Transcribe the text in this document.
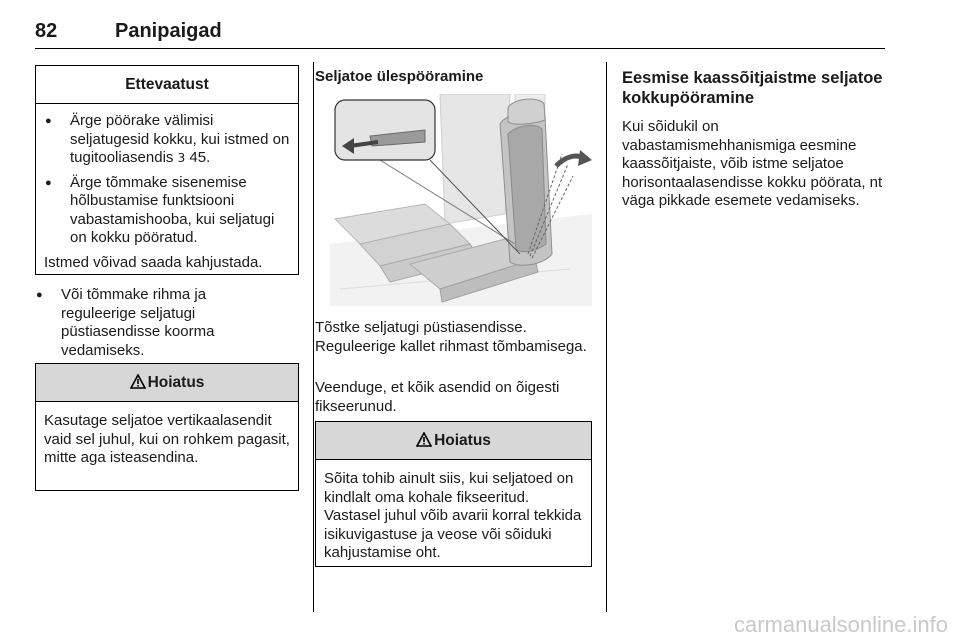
82	Panipaigad
Ettevaatust
● Ärge pöörake välimisi seljatugesid kokku, kui istmed on tugitooliasendis 3 45.
● Ärge tõmmake sisenemise hõlbustamise funktsiooni vabastamishooba, kui seljatugi on kokku pööratud.

Istmed võivad saada kahjustada.

● Või tõmmake rihma ja reguleerige seljatugi püstiasendisse koorma vedamiseks.
Hoiatus
Kasutage seljatoe vertikaalasendit vaid sel juhul, kui on rohkem pagasit, mitte aga isteasendina.
Seljatoe ülespööramine
Tõstke seljatugi püstiasendisse. Reguleerige kallet rihmast tõmbamisega.
Veenduge, et kõik asendid on õigesti fikseerunud.
Hoiatus
Sõita tohib ainult siis, kui seljatoed on kindlalt oma kohale fikseeritud. Vastasel juhul võib avarii korral tekkida isikuvigastuse ja veose või sõiduki kahjustamise oht.
Eesmise kaassõitjaistme seljatoe kokkupööramine
Kui sõidukil on vabastamismehhanismiga eesmine kaassõitjaiste, võib istme seljatoe horisontaalasendisse kokku pöörata, nt väga pikkade esemete vedamiseks.
carmanualsonline.info
